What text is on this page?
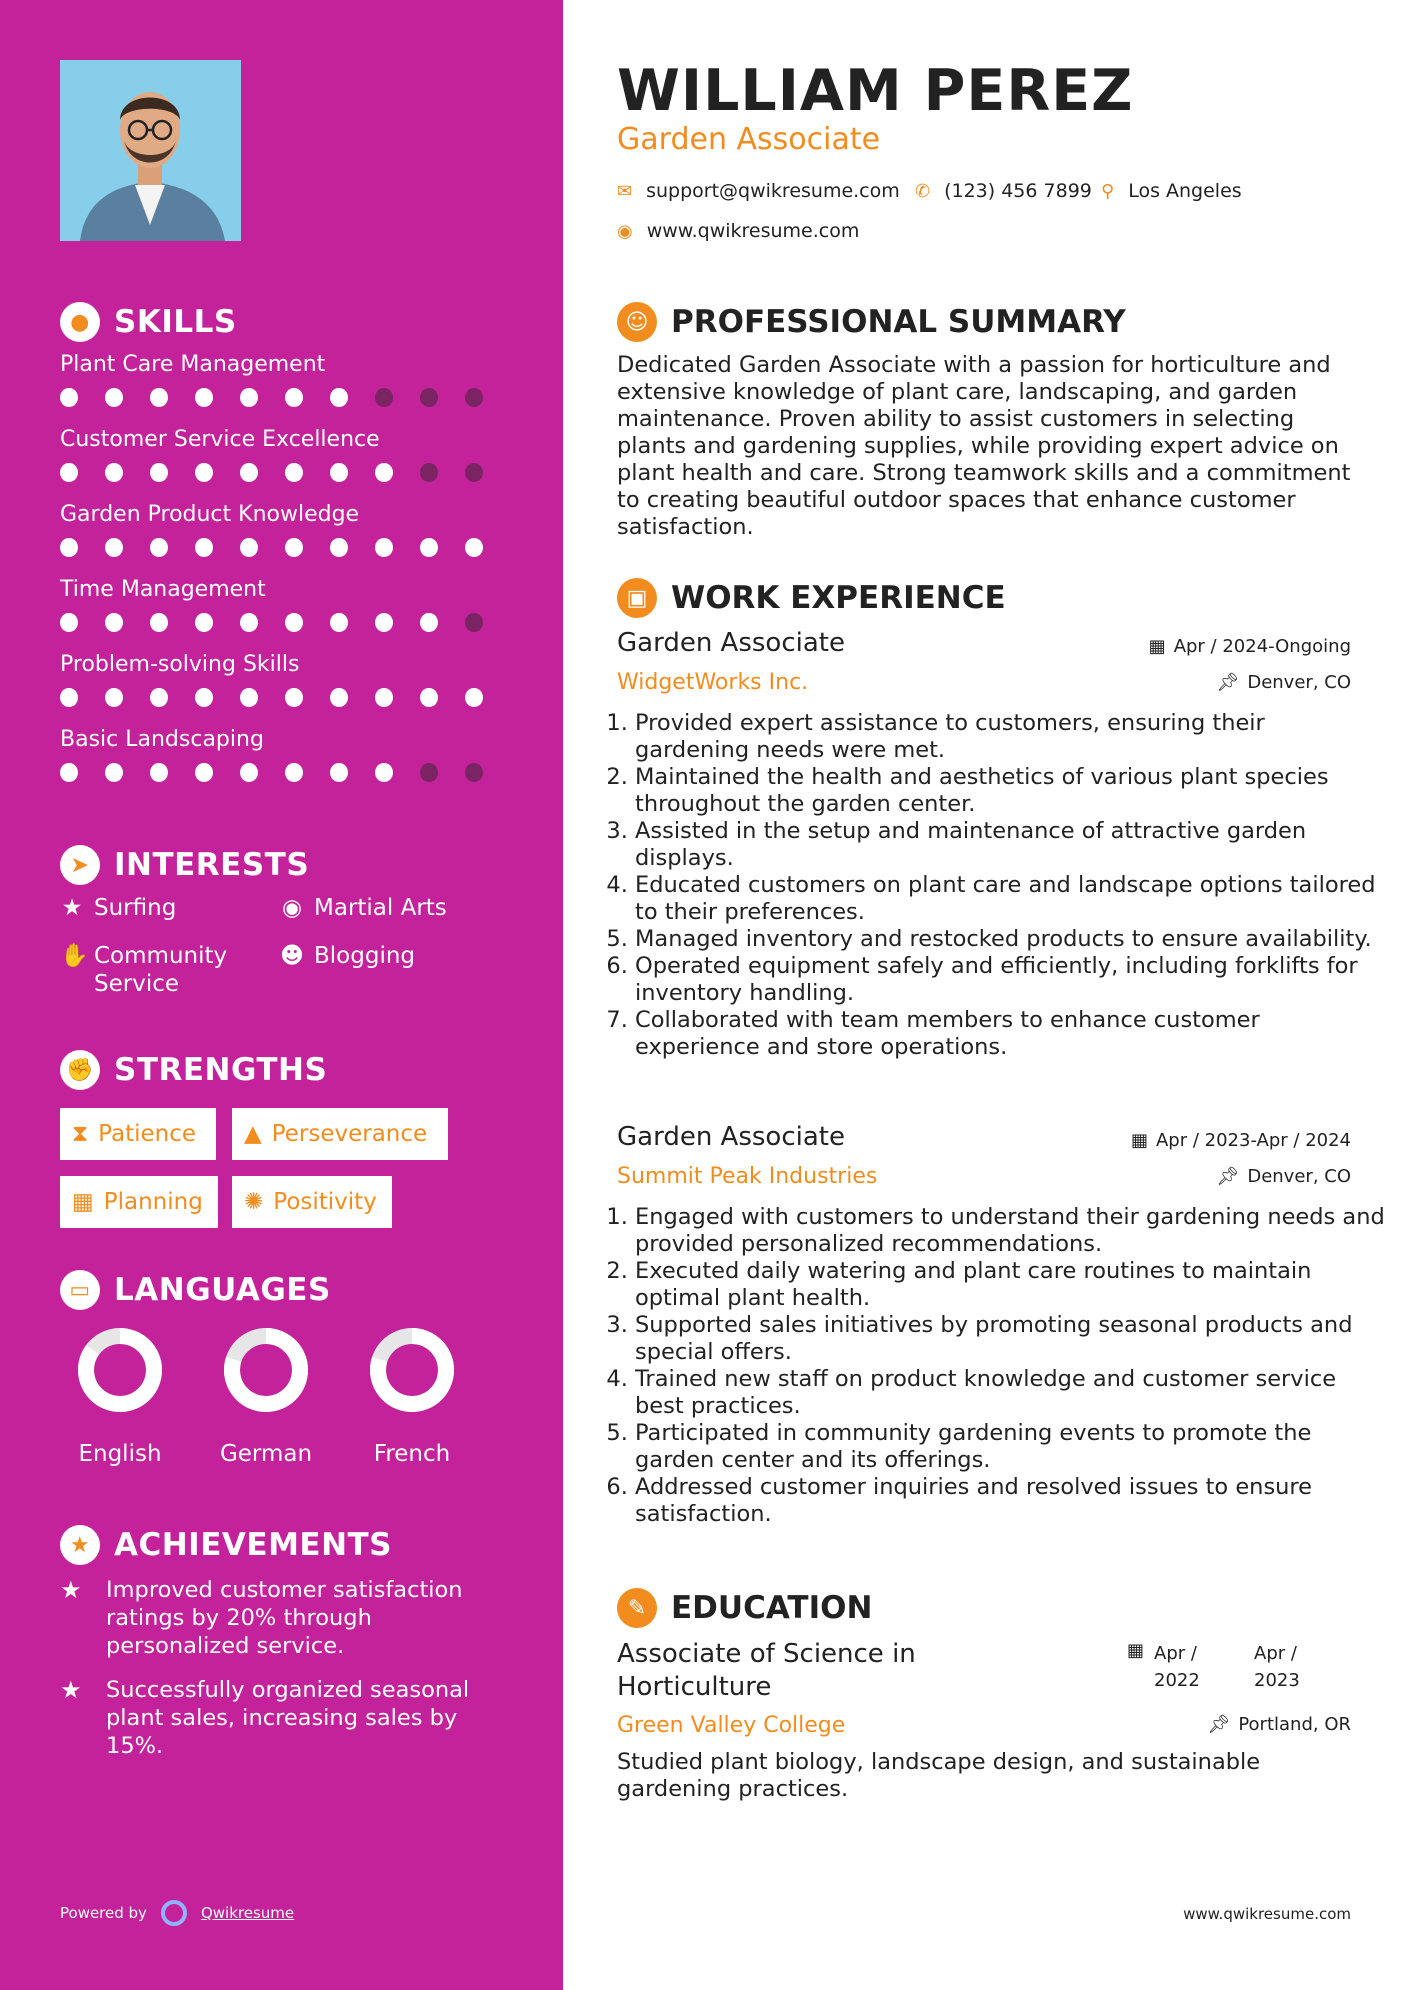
● SKILLS
Plant Care Management
Customer Service Excellence
Garden Product Knowledge
Time Management
Problem-solving Skills
Basic Landscaping
➤ INTERESTS
★ Surfing	◉ Martial Arts
✋ Community Service
☻ Blogging
✊ STRENGTHS
⧗ Patience ▲ Perseverance
▦ Planning ✺ Positivity
▭ LANGUAGES
English	German	French
★ ACHIEVEMENTS
★	Improved customer satisfaction ratings by 20% through personalized service.
★	Successfully organized seasonal plant sales, increasing sales by 15%.
Powered by	Qwikresume
WILLIAM PEREZ
Garden Associate
✉ support@qwikresume.com ✆ (123) 456 7899 ⚲ Los Angeles
◉ www.qwikresume.com
☺ PROFESSIONAL SUMMARY
Dedicated Garden Associate with a passion for horticulture and extensive knowledge of plant care, landscaping, and garden maintenance. Proven ability to assist customers in selecting plants and gardening supplies, while providing expert advice on plant health and care. Strong teamwork skills and a commitment to creating beautiful outdoor spaces that enhance customer satisfaction.
▣ WORK EXPERIENCE
Garden Associate	▦ Apr / 2024-Ongoing
WidgetWorks Inc.	📌︎ Denver, CO
1. Provided expert assistance to customers, ensuring their gardening needs were met.
2. Maintained the health and aesthetics of various plant species throughout the garden center.
3. Assisted in the setup and maintenance of attractive garden displays.
4. Educated customers on plant care and landscape options tailored to their preferences.
5. Managed inventory and restocked products to ensure availability.
6. Operated equipment safely and efficiently, including forklifts for inventory handling.
7. Collaborated with team members to enhance customer experience and store operations.
Garden Associate	▦ Apr / 2023-Apr / 2024
Summit Peak Industries	📌︎ Denver, CO
1. Engaged with customers to understand their gardening needs and provided personalized recommendations.
2. Executed daily watering and plant care routines to maintain optimal plant health.
3. Supported sales initiatives by promoting seasonal products and special offers.
4. Trained new staff on product knowledge and customer service best practices.
5. Participated in community gardening events to promote the garden center and its offerings.
6. Addressed customer inquiries and resolved issues to ensure satisfaction.
✎ EDUCATION
Associate of Science in Horticulture
▦ Apr / 2022
Apr / 2023
Green Valley College	📌︎ Portland, OR
Studied plant biology, landscape design, and sustainable gardening practices.
www.qwikresume.com
